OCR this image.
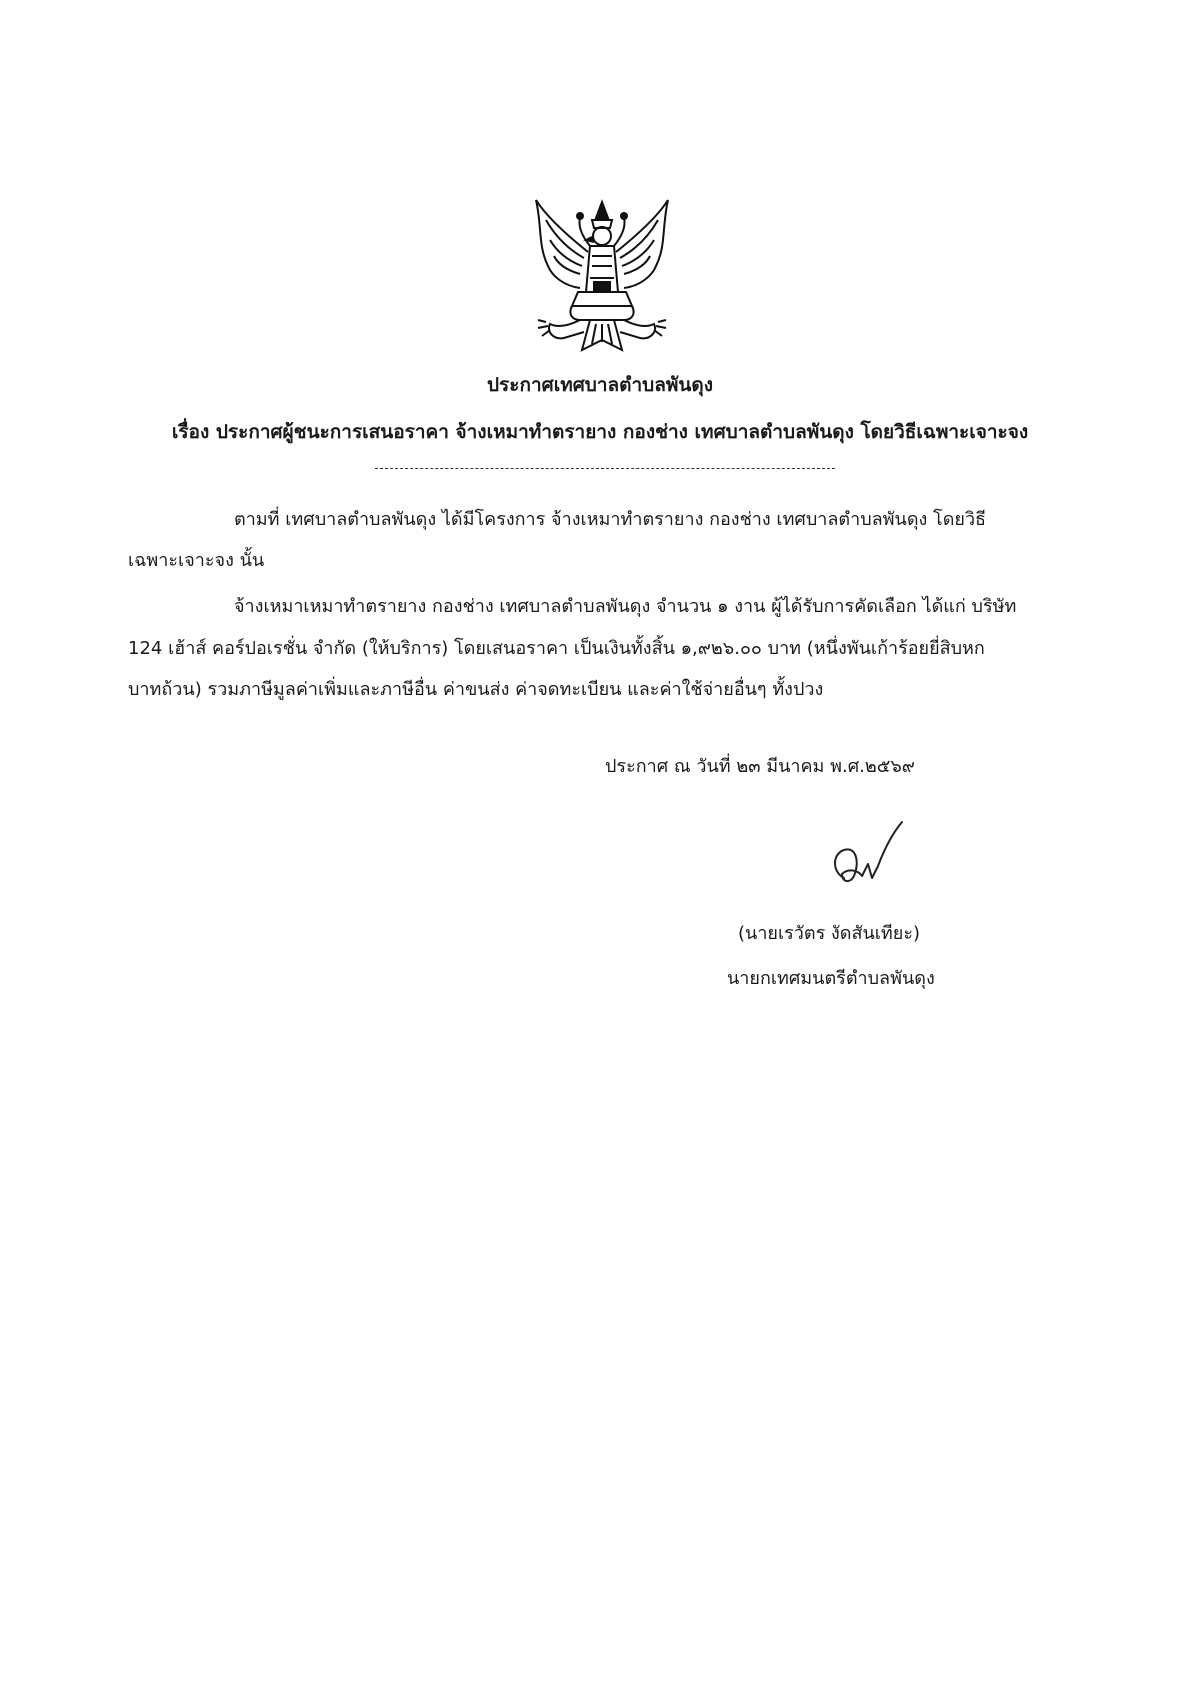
ประกาศเทศบาลตำบลพันดุง
เรื่อง ประกาศผู้ชนะการเสนอราคา จ้างเหมาทำตรายาง กองช่าง เทศบาลตำบลพันดุง โดยวิธีเฉพาะเจาะจง
ตามที่ เทศบาลตำบลพันดุง ได้มีโครงการ จ้างเหมาทำตรายาง กองช่าง เทศบาลตำบลพันดุง โดยวิธี
เฉพาะเจาะจง นั้น
จ้างเหมาเหมาทำตรายาง กองช่าง เทศบาลตำบลพันดุง จำนวน ๑ งาน ผู้ได้รับการคัดเลือก ได้แก่ บริษัท
124 เฮ้าส์ คอร์ปอเรชั่น จำกัด (ให้บริการ) โดยเสนอราคา เป็นเงินทั้งสิ้น ๑,๙๒๖.๐๐ บาท (หนึ่งพันเก้าร้อยยี่สิบหก
บาทถ้วน) รวมภาษีมูลค่าเพิ่มและภาษีอื่น ค่าขนส่ง ค่าจดทะเบียน และค่าใช้จ่ายอื่นๆ ทั้งปวง
ประกาศ ณ วันที่ ๒๓ มีนาคม พ.ศ.๒๕๖๙
(นายเรวัตร งัดสันเทียะ)
นายกเทศมนตรีตำบลพันดุง
